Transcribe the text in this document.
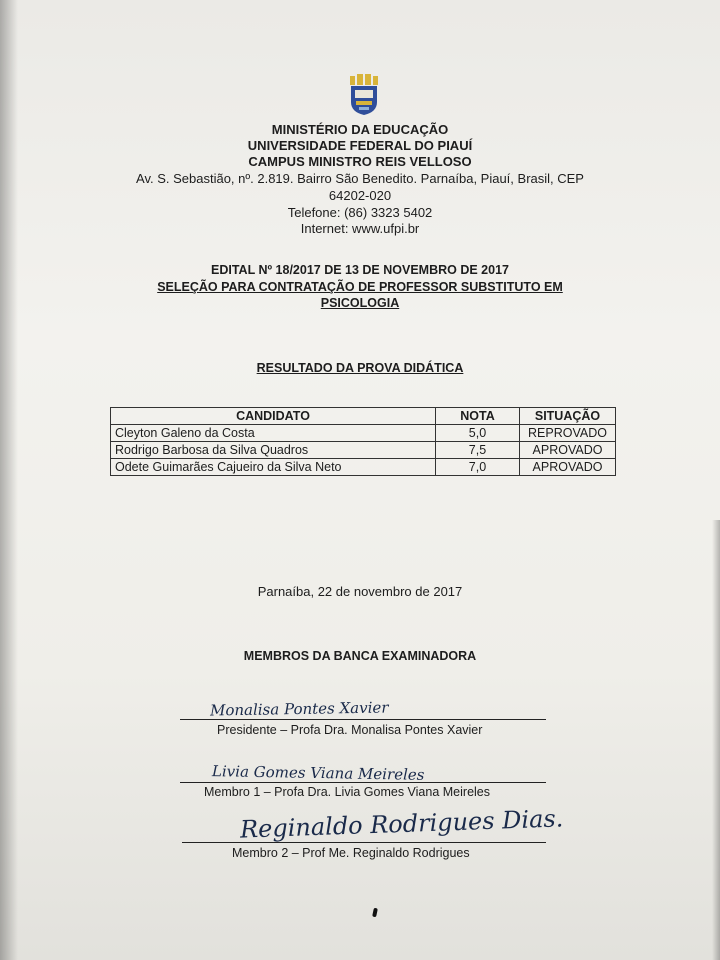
MINISTÉRIO DA EDUCAÇÃO
UNIVERSIDADE FEDERAL DO PIAUÍ
CAMPUS MINISTRO REIS VELLOSO
Av. S. Sebastião, nº. 2.819. Bairro São Benedito. Parnaíba, Piauí, Brasil, CEP
64202-020
Telefone: (86) 3323 5402
Internet: www.ufpi.br
EDITAL Nº 18/2017 DE 13 DE NOVEMBRO DE 2017
SELEÇÃO PARA CONTRATAÇÃO DE PROFESSOR SUBSTITUTO EM
PSICOLOGIA
RESULTADO DA PROVA DIDÁTICA
CANDIDATO	NOTA	SITUAÇÃO
Cleyton Galeno da Costa	5,0	REPROVADO
Rodrigo Barbosa da Silva Quadros	7,5	APROVADO
Odete Guimarães Cajueiro da Silva Neto	7,0	APROVADO
Parnaíba, 22 de novembro de 2017
MEMBROS DA BANCA EXAMINADORA
Monalisa Pontes Xavier
Presidente – Profa Dra. Monalisa Pontes Xavier
Livia Gomes Viana Meireles
Membro 1 – Profa Dra. Livia Gomes Viana Meireles
Reginaldo Rodrigues Dias.
Membro 2 – Prof Me. Reginaldo Rodrigues
